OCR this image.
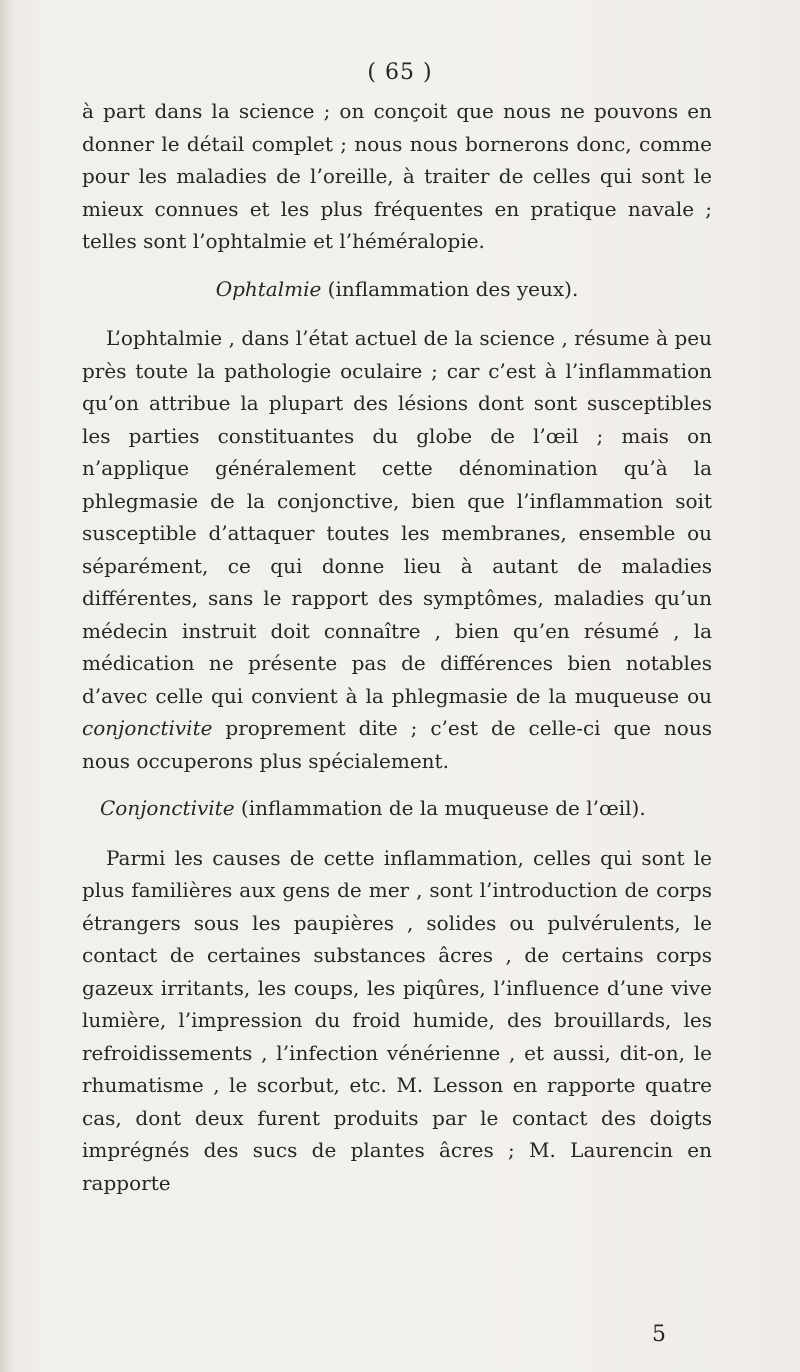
( 65 )

à part dans la science ; on conçoit que nous ne pouvons en donner le détail complet ; nous nous bornerons donc, comme pour les maladies de l’oreille, à traiter de celles qui sont le mieux connues et les plus fréquentes en pratique navale ; telles sont l’ophtalmie et l’héméralopie.

Ophtalmie (inflammation des yeux).

L’ophtalmie , dans l’état actuel de la science , résume à peu près toute la pathologie oculaire ; car c’est à l’inflammation qu’on attribue la plupart des lésions dont sont susceptibles les parties constituantes du globe de l’œil ; mais on n’applique généralement cette dénomination qu’à la phlegmasie de la conjonctive, bien que l’inflammation soit susceptible d’attaquer toutes les membranes, ensemble ou séparément, ce qui donne lieu à autant de maladies différentes, sans le rapport des symptômes, maladies qu’un médecin instruit doit connaître , bien qu’en résumé , la médication ne présente pas de différences bien notables d’avec celle qui convient à la phlegmasie de la muqueuse ou conjonctivite proprement dite ; c’est de celle-ci que nous nous occuperons plus spécialement.

Conjonctivite (inflammation de la muqueuse de l’œil).

Parmi les causes de cette inflammation, celles qui sont le plus familières aux gens de mer , sont l’introduction de corps étrangers sous les paupières , solides ou pulvérulents, le contact de certaines substances âcres , de certains corps gazeux irritants, les coups, les piqûres, l’influence d’une vive lumière, l’impression du froid humide, des brouillards, les refroidissements , l’infection vénérienne , et aussi, dit-on, le rhumatisme , le scorbut, etc. M. Lesson en rapporte quatre cas, dont deux furent produits par le contact des doigts imprégnés des sucs de plantes âcres ; M. Laurencin en rapporte

5
